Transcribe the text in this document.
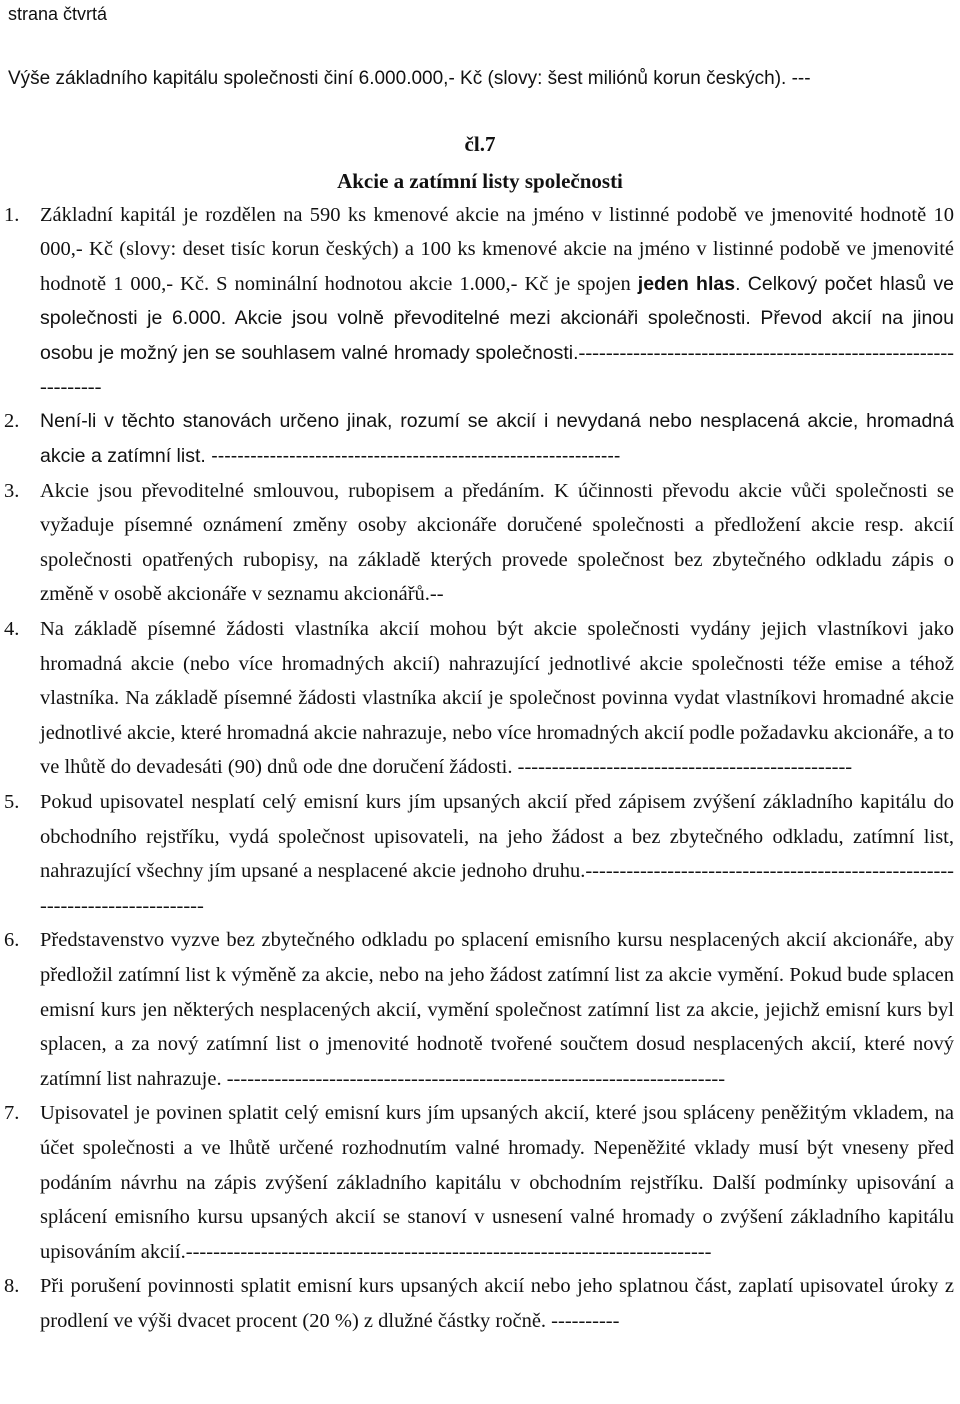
strana čtvrtá
Výše základního kapitálu společnosti činí 6.000.000,- Kč (slovy: šest miliónů korun českých). ---
čl.7
Akcie a zatímní listy společnosti
1. Základní kapitál je rozdělen na 590 ks kmenové akcie na jméno v listinné podobě ve jmenovité hodnotě 10 000,- Kč (slovy: deset tisíc korun českých) a 100 ks kmenové akcie na jméno v listinné podobě ve jmenovité hodnotě 1 000,- Kč. S nominální hodnotou akcie 1.000,- Kč je spojen jeden hlas. Celkový počet hlasů ve společnosti je 6.000. Akcie jsou volně převoditelné mezi akcionáři společnosti. Převod akcií na jinou osobu je možný jen se souhlasem valné hromady společnosti.----------------------------------------------------------------

2. Není-li v těchto stanovách určeno jinak, rozumí se akcií i nevydaná nebo nesplacená akcie, hromadná akcie a zatímní list. ---------------------------------------------------------------

3. Akcie jsou převoditelné smlouvou, rubopisem a předáním. K účinnosti převodu akcie vůči společnosti se vyžaduje písemné oznámení změny osoby akcionáře doručené společnosti a předložení akcie resp. akcií společnosti opatřených rubopisy, na základě kterých provede společnost bez zbytečného odkladu zápis o změně v osobě akcionáře v seznamu akcionářů.--

4. Na základě písemné žádosti vlastníka akcií mohou být akcie společnosti vydány jejich vlastníkovi jako hromadná akcie (nebo více hromadných akcií) nahrazující jednotlivé akcie společnosti téže emise a téhož vlastníka. Na základě písemné žádosti vlastníka akcií je společnost povinna vydat vlastníkovi hromadné akcie jednotlivé akcie, které hromadná akcie nahrazuje, nebo více hromadných akcií podle požadavku akcionáře, a to ve lhůtě do devadesáti (90) dnů ode dne doručení žádosti. -------------------------------------------------

5. Pokud upisovatel nesplatí celý emisní kurs jím upsaných akcií před zápisem zvýšení základního kapitálu do obchodního rejstříku, vydá společnost upisovateli, na jeho žádost a bez zbytečného odkladu, zatímní list, nahrazující všechny jím upsané a nesplacené akcie jednoho druhu.------------------------------------------------------------------------------

6. Představenstvo vyzve bez zbytečného odkladu po splacení emisního kursu nesplacených akcií akcionáře, aby předložil zatímní list k výměně za akcie, nebo na jeho žádost zatímní list za akcie vymění. Pokud bude splacen emisní kurs jen některých nesplacených akcií, vymění společnost zatímní list za akcie, jejichž emisní kurs byl splacen, a za nový zatímní list o jmenovité hodnotě tvořené součtem dosud nesplacených akcií, které nový zatímní list nahrazuje. -------------------------------------------------------------------------

7. Upisovatel je povinen splatit celý emisní kurs jím upsaných akcií, které jsou spláceny peněžitým vkladem, na účet společnosti a ve lhůtě určené rozhodnutím valné hromady. Nepeněžité vklady musí být vneseny před podáním návrhu na zápis zvýšení základního kapitálu v obchodním rejstříku. Další podmínky upisování a splácení emisního kursu upsaných akcií se stanoví v usnesení valné hromady o zvýšení základního kapitálu upisováním akcií.-----------------------------------------------------------------------------

8. Při porušení povinnosti splatit emisní kurs upsaných akcií nebo jeho splatnou část, zaplatí upisovatel úroky z prodlení ve výši dvacet procent (20 %) z dlužné částky ročně. ----------
